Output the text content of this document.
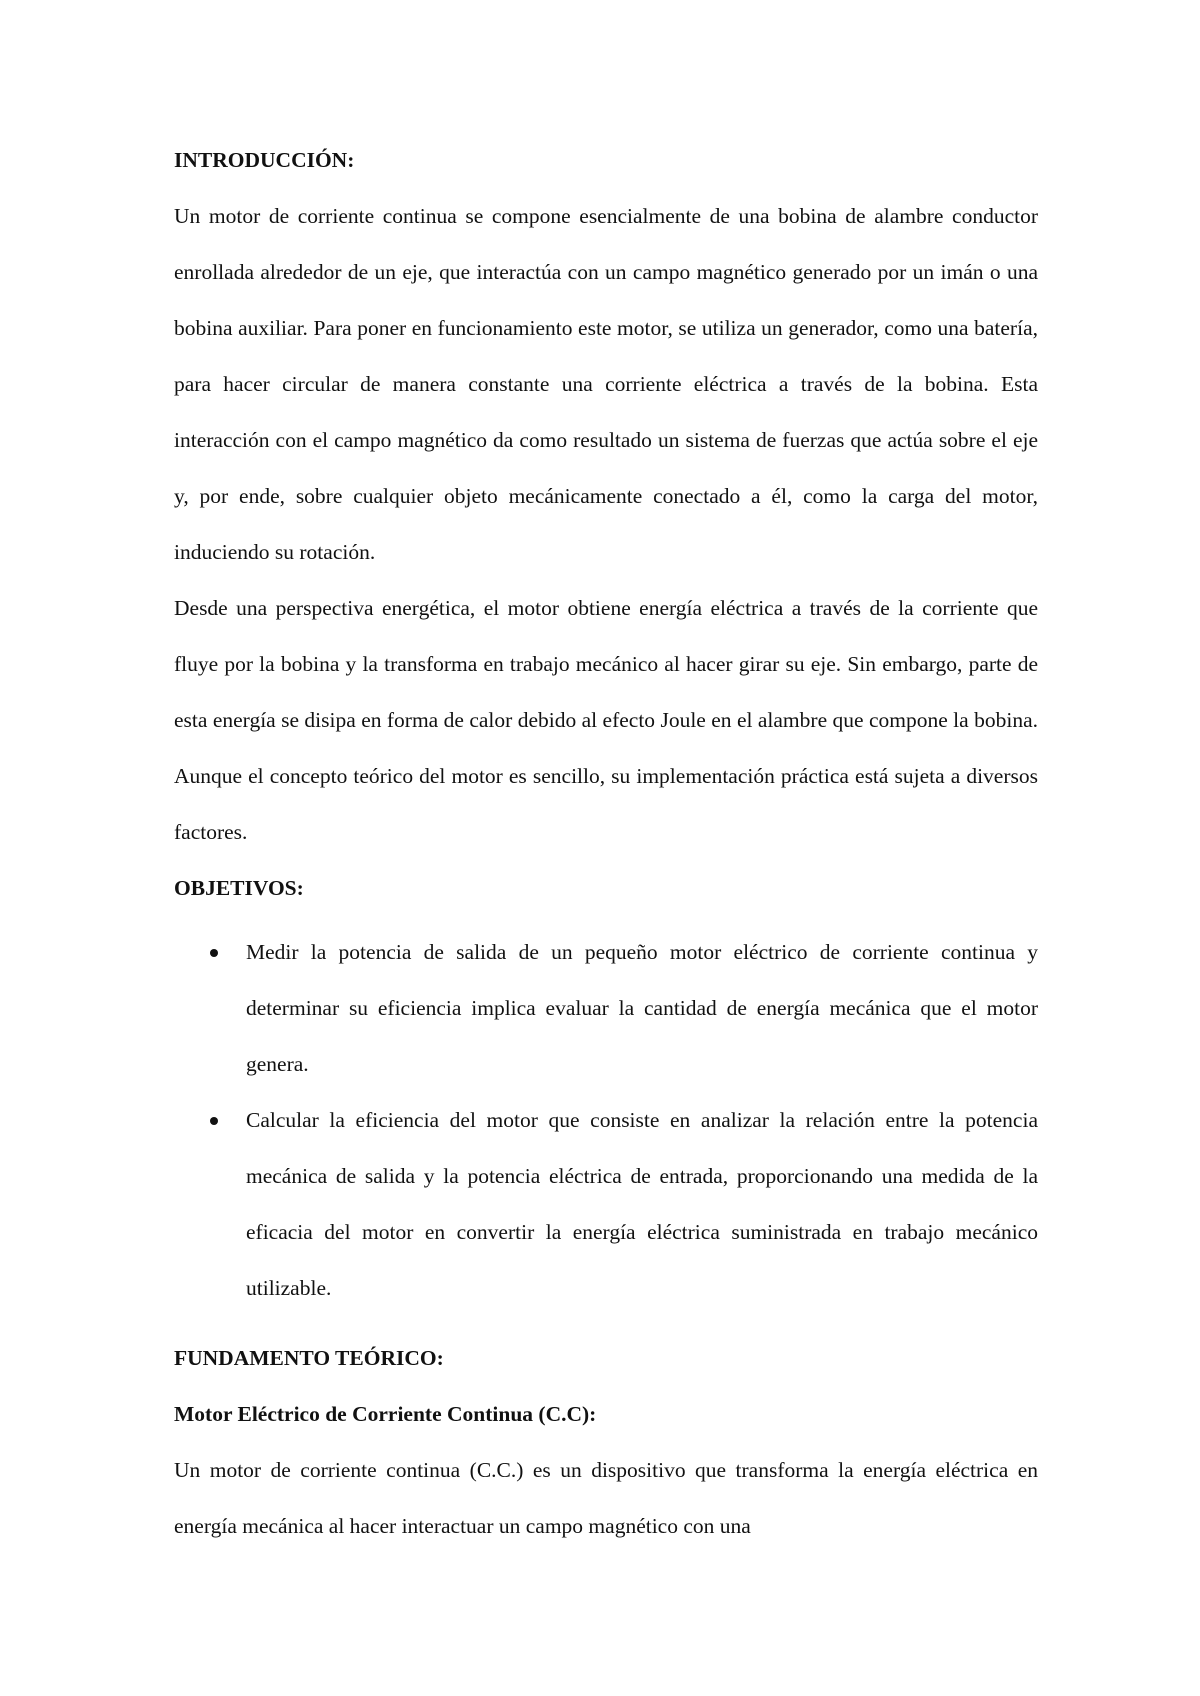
INTRODUCCIÓN:

Un motor de corriente continua se compone esencialmente de una bobina de alambre conductor enrollada alrededor de un eje, que interactúa con un campo magnético generado por un imán o una bobina auxiliar. Para poner en funcionamiento este motor, se utiliza un generador, como una batería, para hacer circular de manera constante una corriente eléctrica a través de la bobina. Esta interacción con el campo magnético da como resultado un sistema de fuerzas que actúa sobre el eje y, por ende, sobre cualquier objeto mecánicamente conectado a él, como la carga del motor, induciendo su rotación.

Desde una perspectiva energética, el motor obtiene energía eléctrica a través de la corriente que fluye por la bobina y la transforma en trabajo mecánico al hacer girar su eje. Sin embargo, parte de esta energía se disipa en forma de calor debido al efecto Joule en el alambre que compone la bobina. Aunque el concepto teórico del motor es sencillo, su implementación práctica está sujeta a diversos factores.

OBJETIVOS:

Medir la potencia de salida de un pequeño motor eléctrico de corriente continua y determinar su eficiencia implica evaluar la cantidad de energía mecánica que el motor genera.
Calcular la eficiencia del motor que consiste en analizar la relación entre la potencia mecánica de salida y la potencia eléctrica de entrada, proporcionando una medida de la eficacia del motor en convertir la energía eléctrica suministrada en trabajo mecánico utilizable.

FUNDAMENTO TEÓRICO:

Motor Eléctrico de Corriente Continua (C.C):

Un motor de corriente continua (C.C.) es un dispositivo que transforma la energía eléctrica en energía mecánica al hacer interactuar un campo magnético con una
